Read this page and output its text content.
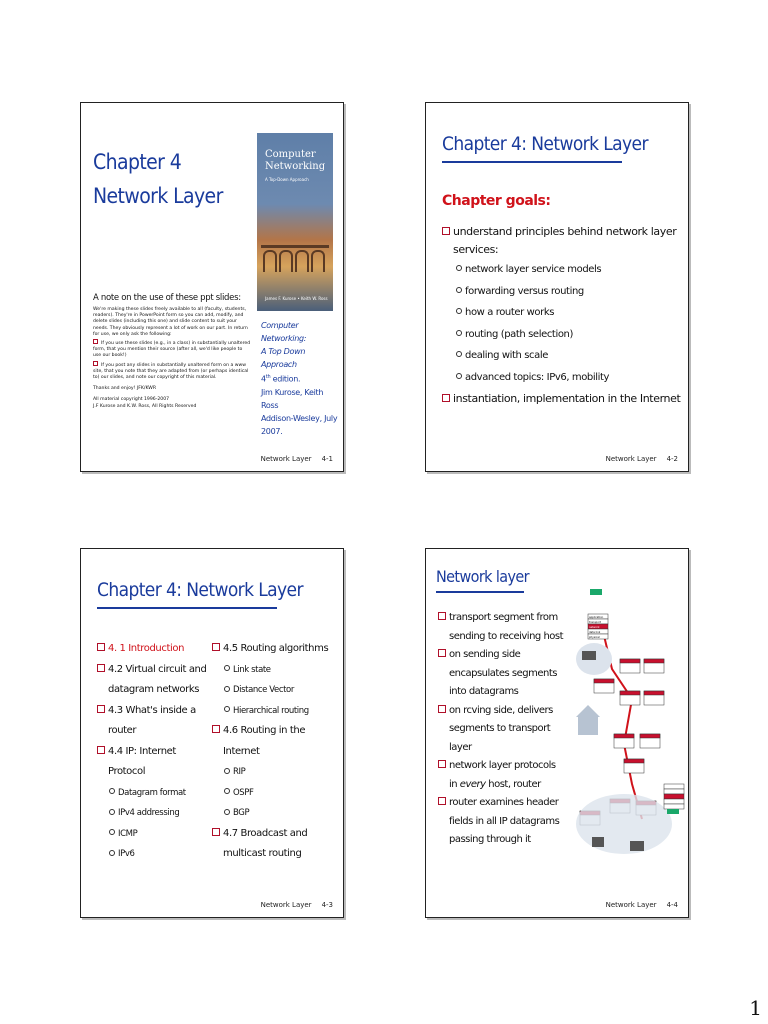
Chapter 4
Network Layer
Computer
Networking
A Top-Down Approach
James F. Kurose • Keith W. Ross
A note on the use of these ppt slides:

We're making these slides freely available to all (faculty, students, readers). They're in PowerPoint form so you can add, modify, and delete slides (including this one) and slide content to suit your needs. They obviously represent a lot of work on our part. In return for use, we only ask the following:

If you use these slides (e.g., in a class) in substantially unaltered form, that you mention their source (after all, we'd like people to use our book!)

If you post any slides in substantially unaltered form on a www site, that you note that they are adapted from (or perhaps identical to) our slides, and note our copyright of this material.

Thanks and enjoy! JFK/KWR

All material copyright 1996-2007

J.F Kurose and K.W. Ross, All Rights Reserved

Computer Networking:
A Top Down Approach
4th edition.
Jim Kurose, Keith Ross
Addison-Wesley, July
2007.
Network Layer 4-1
Chapter 4: Network Layer
Chapter goals:
understand principles behind network layer
services:
network layer service models
forwarding versus routing
how a router works
routing (path selection)
dealing with scale
advanced topics: IPv6, mobility
instantiation, implementation in the Internet
Network Layer 4-2
Chapter 4: Network Layer
4. 1 Introduction
4.2 Virtual circuit and
datagram networks
4.3 What's inside a
router
4.4 IP: Internet
Protocol
Datagram format
IPv4 addressing
ICMP
IPv6
4.5 Routing algorithms
Link state
Distance Vector
Hierarchical routing
4.6 Routing in the
Internet
RIP
OSPF
BGP
4.7 Broadcast and
multicast routing
Network Layer 4-3
Network layer
transport segment from
sending to receiving host
on sending side
encapsulates segments
into datagrams
on rcving side, delivers
segments to transport
layer
network layer protocols
in every host, router
router examines header
fields in all IP datagrams
passing through it
application
transport
network
data link
physical
Network Layer 4-4
1
